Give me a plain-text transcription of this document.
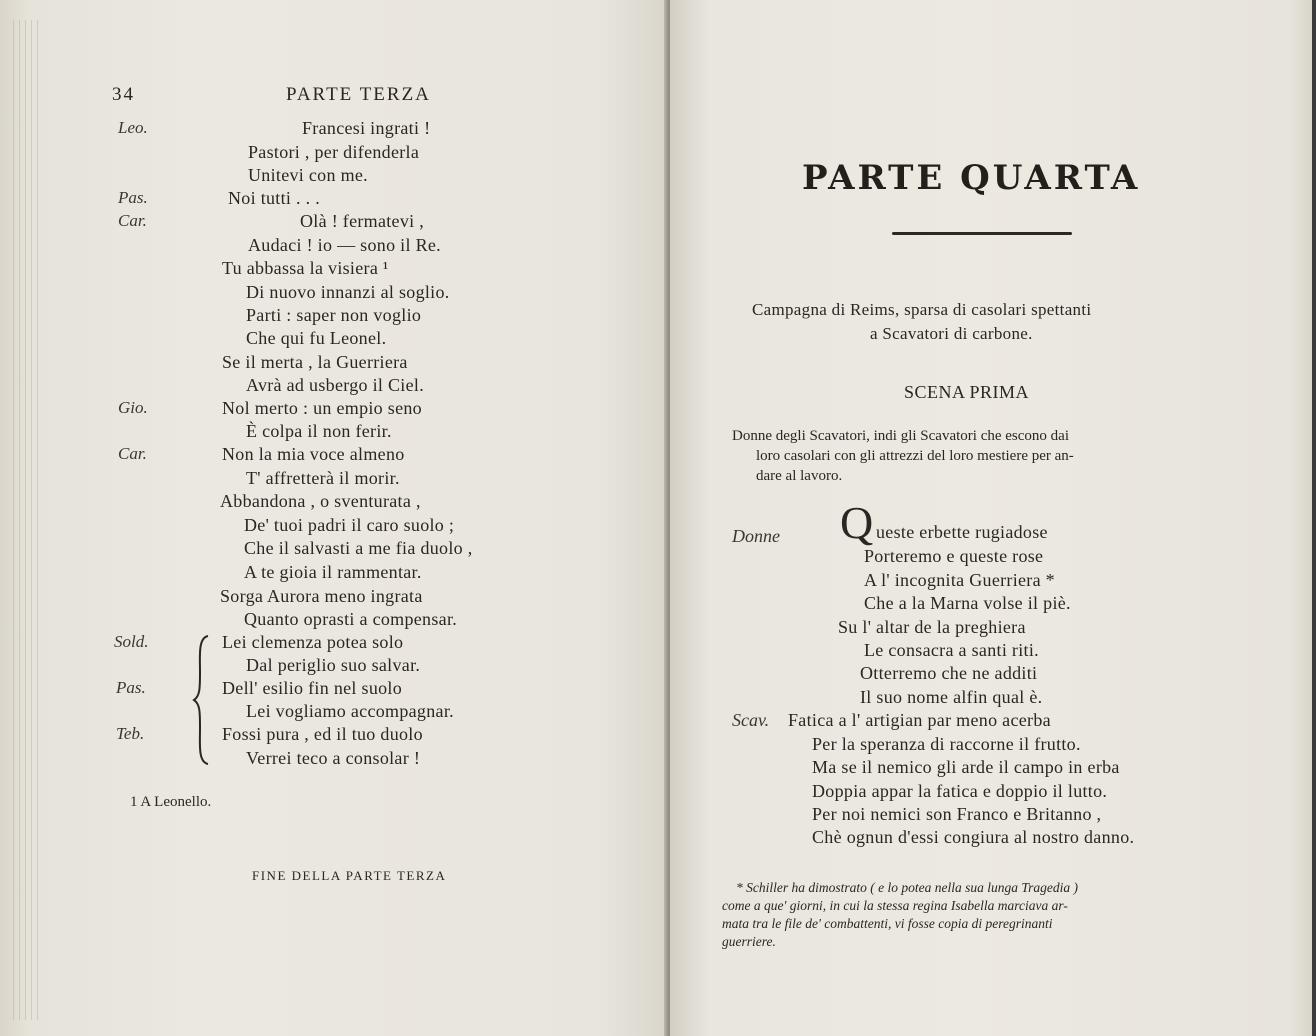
34	PARTE TERZA
Leo.
Pas.
Car.
Gio.
Car.
Sold.
Pas.
Teb.
Francesi ingrati !
Pastori , per difenderla
Unitevi con me.
Noi tutti . . .
Olà ! fermatevi ,
Audaci ! io — sono il Re.
Tu abbassa la visiera ¹
Di nuovo innanzi al soglio.
Parti : saper non voglio
Che qui fu Leonel.
Se il merta , la Guerriera
Avrà ad usbergo il Ciel.
Nol merto : un empio seno
È colpa il non ferir.
Non la mia voce almeno
T' affretterà il morir.
Abbandona , o sventurata ,
De' tuoi padri il caro suolo ;
Che il salvasti a me fia duolo ,
A te gioia il rammentar.
Sorga Aurora meno ingrata
Quanto oprasti a compensar.
Lei clemenza potea solo
Dal periglio suo salvar.
Dell' esilio fin nel suolo
Lei vogliamo accompagnar.
Fossi pura , ed il tuo duolo
Verrei teco a consolar !
1 A Leonello.
FINE DELLA PARTE TERZA
PARTE QUARTA
Campagna di Reims, sparsa di casolari spettanti
a Scavatori di carbone.
SCENA PRIMA
Donne degli Scavatori, indi gli Scavatori che escono dai
loro casolari con gli attrezzi del loro mestiere per an-
dare al lavoro.
Donne Q ueste erbette rugiadose
Porteremo e queste rose
A l' incognita Guerriera *
Che a la Marna volse il piè.
Su l' altar de la preghiera
Le consacra a santi riti.
Otterremo che ne additi
Il suo nome alfin qual è.
Scav. Fatica a l' artigian par meno acerba
Per la speranza di raccorne il frutto.
Ma se il nemico gli arde il campo in erba
Doppia appar la fatica e doppio il lutto.
Per noi nemici son Franco e Britanno ,
Chè ognun d'essi congiura al nostro danno.
* Schiller ha dimostrato ( e lo potea nella sua lunga Tragedia )
come a que' giorni, in cui la stessa regina Isabella marciava ar-
mata tra le file de' combattenti, vi fosse copia di peregrinanti
guerriere.
